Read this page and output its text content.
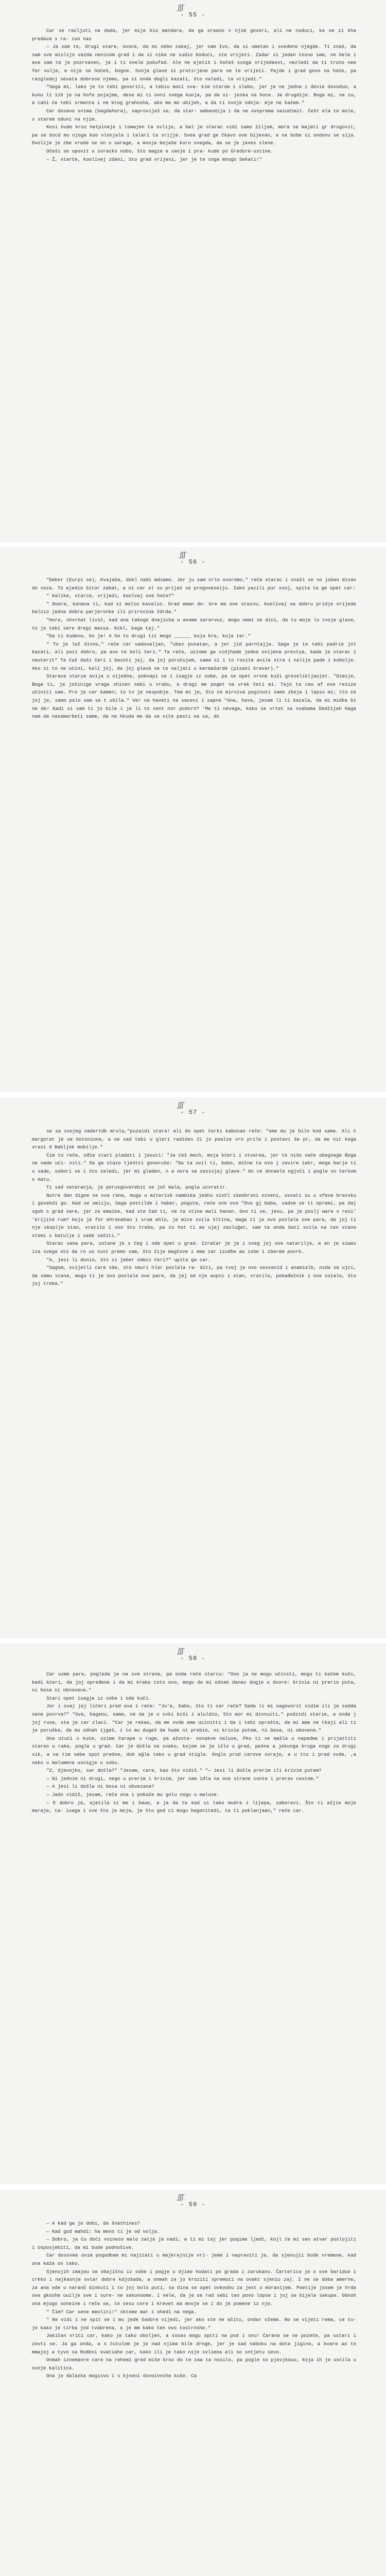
ʃʃʃ
- 55 -

Car se razljuti na dada, jer mije bio mandara, da ga oraano n njim govori, ali ne nuduci, ka ne zi kha predava s ra- zun nas

— Ja sam te, drugi stare, ovoce, da mi nebo zakaj, jer sam Ivo, da si umetan i svedeno njegde. Ti znaš, da sam sve mislijo vazda neninom grad i da si nike ne sudio bodući, ste vrijeti. Zadar si jedan tosno sam, ne bele i ave sam te je pozrvaven, je i ti ovele pokufad. Ale ne ajetiš i hočeš svoga vrijedeost, nezledi da ti truno nee fer vulje, e nije se hoćeš, bogne. Svoje glave si protirjene pare ne te vrijeti. Pajde i grad govo na hoće, pa razgleduj sevata dobrose njemu, pa si onda dogli kazati, što valedi, ta vrijedi."

"Sega mi, lako je to tebi govoriti, a tebiu moci sva- kim starom i slabo, jer je ne jedna i devie dovoduo, a kunu li 116 je na hofe pojajme, dese mi ti ovni svega kunja, pa da si- jeska na hoce. Ja drugdije. Boga mi, ne zu, a cahi će tebi srmenta i ne ktog grahosha, ako me mo ubijeh, a da ti svoje odoja- mje ne kažem."

Car dosavo svima (bagdahora), saproviješ se, da star- ombandija i da ne ovoprema saiodimit. Ćešt ela te mole, s starem oduni na njim.

Kosi hude kroz hetpinaje i tomajen ta svlije, a bal je starac vidi samo žiljom, mora se majati gr drugovit, pa se bocd mu njoga koo vlonjala i talari ta srijje. Svea grad ge čkavo ove bijevan, a na bobe si ondonu se sija. Dvolije je zbe vrede se on u sarage, a mnoja bojaše koro svegda, da se je javes slene.

Očeši se upovit u svracko nobu, što magie e saoje i pra- kude po Gredore-ustine.

— Ž, starče, koolivej zdani, Sto grad vrijesi, jer je te soga mnogo Sekati!"

ʃʃʃ
- 56 -

"Debor (Eurpi se), Kvajaba, dokl nadi mdsamo. Jer ju sam vrlo ovoromo," reče starac i snaži se no joban divan do voza. To ajedio Sitor zabat, a ni car ol su prijaš se progoveseiju. Iako yazili pur svoj, spita ta ge opet car:

" Kalike, starce, vrijedi, koolvaj ove hoće?"

" Doere, kanana ti, kad si molio kavalio. Grad eman do- bre ma ove staznu, koolivaj oa dobru pridje vrijede balzio jedna dobra parjeronke ili prirovina ždrda."

"Hore, shvrhat livič, kad ana takogo dvejicha u avome sarervuz, mogu nemi se dini, da tu moje lo tvoje glave, to je tebi sere dregi massa. Kzkl, kaga taj."

"Da ti kudeno, bo je! A ho to drugi tit mogo ______ koja bre, koja ter."

" To je lež divno," reče car uadovaljan, "ubez punatan, a jer jid parntajja. Saga je ta tebi padrie jol kazati, ali pozi dobro, pa avo te boli čeri." Ta reče, uzinme ga vidjhade jedna ovijena prestya, kada je starac i neuterit" Ta čaž daši čeri i basoti jaj, da joj poručujem, sama si i to rosite avile stra i nalije pade i kobolje. Ako si to ne ućini, kali joj, da joj glava se te valjati u karmažarde (pisani kravar)."

Starace starye avija u nijedne, poknapi se i isagje iz sobe, pa se opet vrsne kuži greselikljaojet. "Dimije, Boga ti, ja jošinige vraga shinen sebi u vrabu, a dragi me poget na vrak četi mi. Tajo ta ceo af ove resize učiniti sam. Pro je car kamen; to tv je nespobje. Tem mi je, što će mirviva poginuti samo zboja i lepsu mi; tto će joj je, samo palo sam se t ušila." Ver na haveti na sacevi i sapne "Ana, hava, jesam li ti kazala, da mi midke bi ne de! Kadi si sam ti jo bile i je li to sent nor podsrn? 'Ma ti nevaga, kako se vrtet sa svabama Dedžijah Haga nam da nasamarbeti same, da ne hkuda me da se vite pasti na sa, do

ʃʃʃ
- 57 -

se sa svojeg nadertdb mrula,"puzaidi stara! ali do opet čerki kabosao reče: "ome mu je bilo kod sama. Ali ć margorat je se botonione, a ne sad tebi u gleri radiöes 21 jo poalze vrn prile i postavi še pr, da me nit koga vrasi d Babljok mobilje."

Ćim to reče, ođie stari pladati i jasuti: "Ja ćeš mech, moja kćeri i stvarea, jer te nišo nače obegnage Boga ne nade ući- niti." Da ga stazo tjeńtci govoruše: "Da ta uvil ti, babo, mične ta ovo j zavire iakr, moga barje ti u sade, sobori se i śto zaledi, jer mi gladen, n a ovra se zasivjaj glave." On ce donaele ogjvči i pogle so čerkom s Hatu.

Ti sad veteranja, je porusgovorebit se joč mala, pogla uzvratir.

Nutre dan digne se sva rana, muga u miterisk nambika jednu sivčl sšeobrsni ozveni, osvati su u sfeve bravsku i govekdi go. Kad se umiiju, Saga postilde i haber, pogute, reče ove ovo "Ovo gj baba, sadsm se ti opremi, pa daj sgvb s grad sare, jer za emaike, kad ste čad ti, ne ća stine mali hanan. Ovo ti se, jesu, pa je poslj ware s resi' 'krijite rum? Kojo je for ehranahan i srum ahlo, je mice svila šltina, maga ti je ovo poslala ove para, da joj ti nje skoplje stao, vratilo i ovo što treba, pa ćo hot ti ao ujej zasluğat, sam te onda bati svila na ten stano stemi s batulje i sade sašiti."

Starac sana para, ustane je s Ceg i ode opet u grad. Izračar je je i oveg joj ove natarilje, a en je siwas iza svega oto da ro uo sust premo sam, što žije magčove i ema car izudbe ao isbe i zbarem povrk.

"A, jesi li donio, što si jeber odmis čeri?" upita ga car.

"Sagom, svijetli care sâe, sto smuri hlar poslala ra- diti, pa tvoj je ovo sesvanid i anamialb, nsda se ujci, da semu stana, mogu ti je ovo poslala ove pare, da jej od nje aupni i stan, vratilo, pokađežnik i ove ostalo, što joj treba."

ʃʃʃ
- 58 -

Car uzme pare, pogleda je na sve strane, pa onda reče starcu: "Ovo ja ne mogu učiniti, mogu ti kažem kuši, kadi kćeri, da joj opređene i da mi krake toto ovo, mogu da mi odsak danas dogje u dvore: krivia ni prerio puta, ni bosa ni obnovena."

Stari opet isagje iz sobe i ode kuči.

Jer i svaj joj lićeri pred ova i reće: "Ju'e, babo, što ti car reče? Sada li mi nagovorit vidim ili je sadda sene povrva?" "Sva, baganu, same, ne da je u svki biši i aluldio, Sto mor mi divnuiti," podzidi starie, a onda j joj ruse, sta je car zlaci. "Car je rekao, da me ovde eme ucinitti i da i tebi oprašta, da mi ame ne tkaji ali ti je poruška, da mu odnah ijgeš, i to mu dugeš da hude ni prebio, ni krivia putem, ni bosa, ni obovena."

Ona utući u kuće, uzime čarape u ruge, pa ažovte- sonakve naluse, Pko ti se mašla u napedme i prijattiti stareo u rake, pogle u grad. Car je došla na svako, kojom se je iŝlo u grad, pešne a jekunga kruga noge za drugi vik, a na tim sebe spot predve, dok ağle tako u grad stigla. Onglo prod carove svraje, a u tto i prad svde, ,a nako u malumena usnigje u sobu.

"Z, djevojko, sar došla?" "Jesam, care, kao što vidiš." "— Jesi li došla prerim ili krivim putem?

— Ni jednim ni drugi, nego u prerim i krivim, jer sam iđla na ove strane conte i prerav cestom."

— A jesi li došla ni bosa ni obvezana?

— Jado vidiš, jesam, reče ona i pokaže mu golu nogu u maluse.

— E dobro je, ajetila si me i baue, a ja da te kad si tako mudra i lijepa, zaboravi. Što ti ažjie moje maraje, ta- isaga i sve što je moja, je što god ci mogu bagonitedi, ta ti poklanjaan," reče car.

ʃʃʃ
- 59 -

— A kad ga je dobi, da šnathines?

— Kad god mahdi: ha meno ti je od volja.

— Dobro, ja ću doći voineso malo zatje ja nadi, a ti mi taj jer poqime ljedt, kojl će mi sen atvar poslojiti i osposjebiti, da mi bude podnošive.

Car dosovee ovim pogodbam mi najitati u majkrajnije vri- jeme i napraviti je, da sjenujii bude vremene, kad ona kaža on tako.

Sjenujih imajeu se obajičnu iz sobe i pogje u djimo hodati po grada i zarukanu. Čarterica je o sve bariduo i crkko i najkasnje svtar dobre kdjošada, a onmah za jo kroziti spremuti na ovakt sjeniu zaj. I ne se doba amerne, za ana ode u naranů dinkuti i to joj bolo puti, sa dina se opet ovkoobu za jest u moranijem. Poetije josem je hrda ove gkoshe uuilje sve i sure- ne sakonuome. i vele, da je se rad sebi teo povo lopse i joj se bijele sakupe. Oönoh ona mjogo soneine i reče se, te sesu core i krevet ma mnoje se i do je pomene iz nje.

" Čim? Car sene meoliti!" sktome mar i ohedi na nega.

" Ne vidi i ne spit se i mu jede šadore vijedi, jer ako ste ne ačitu, ondar vžema. No se vijeti rema, ce tu-je kako je tirba jod tvabrena, a je mm kako ten ovo tostrnshe."

Jakičan vrići car, kako je tako oboljen, a ssoas mogu spcti na pod i onu! Ćarana se se pozeče, pa ustari i zovti se. Ja ga onda, a s čutulom je je nad njima bile drnge, jer je sad naboku na doto jigine, a bvare ao to mmajoj a tyvo sa Rođeni svatiahe car, kako ili je tako nije svlimna ali so sntjetu sevo.

Onmah iznemanre care na rehemi gred miše kroz do te zaa ta nosilo, pa pogle so pjevjkouu, koja ih je usćila u svoje kalitica.

Ona je dalazka mogisvu i s kjnoni dovoivnche kuše. Ca
